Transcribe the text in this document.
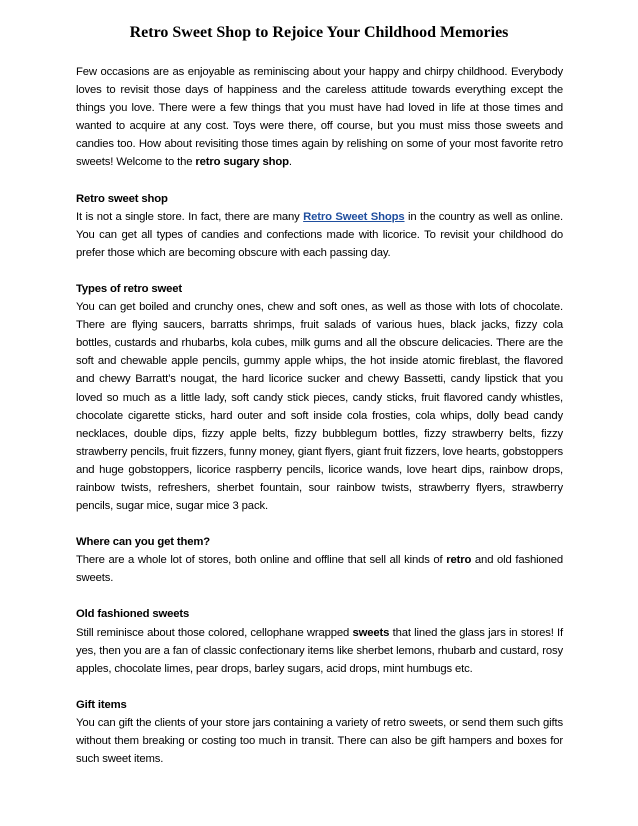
Retro Sweet Shop to Rejoice Your Childhood Memories

Few occasions are as enjoyable as reminiscing about your happy and chirpy childhood. Everybody loves to revisit those days of happiness and the careless attitude towards everything except the things you love. There were a few things that you must have had loved in life at those times and wanted to acquire at any cost. Toys were there, off course, but you must miss those sweets and candies too. How about revisiting those times again by relishing on some of your most favorite retro sweets! Welcome to the retro sugary shop.

Retro sweet shop

It is not a single store. In fact, there are many Retro Sweet Shops in the country as well as online. You can get all types of candies and confections made with licorice. To revisit your childhood do prefer those which are becoming obscure with each passing day.

Types of retro sweet

You can get boiled and crunchy ones, chew and soft ones, as well as those with lots of chocolate. There are flying saucers, barratts shrimps, fruit salads of various hues, black jacks, fizzy cola bottles, custards and rhubarbs, kola cubes, milk gums and all the obscure delicacies. There are the soft and chewable apple pencils, gummy apple whips, the hot inside atomic fireblast, the flavored and chewy Barratt’s nougat, the hard licorice sucker and chewy Bassetti, candy lipstick that you loved so much as a little lady, soft candy stick pieces, candy sticks, fruit flavored candy whistles, chocolate cigarette sticks, hard outer and soft inside cola frosties, cola whips, dolly bead candy necklaces, double dips, fizzy apple belts, fizzy bubblegum bottles, fizzy strawberry belts, fizzy strawberry pencils, fruit fizzers, funny money, giant flyers, giant fruit fizzers, love hearts, gobstoppers and huge gobstoppers, licorice raspberry pencils, licorice wands, love heart dips, rainbow drops, rainbow twists, refreshers, sherbet fountain, sour rainbow twists, strawberry flyers, strawberry pencils, sugar mice, sugar mice 3 pack.

Where can you get them?

There are a whole lot of stores, both online and offline that sell all kinds of retro and old fashioned sweets.

Old fashioned sweets

Still reminisce about those colored, cellophane wrapped sweets that lined the glass jars in stores! If yes, then you are a fan of classic confectionary items like sherbet lemons, rhubarb and custard, rosy apples, chocolate limes, pear drops, barley sugars, acid drops, mint humbugs etc.

Gift items

You can gift the clients of your store jars containing a variety of retro sweets, or send them such gifts without them breaking or costing too much in transit. There can also be gift hampers and boxes for such sweet items.
